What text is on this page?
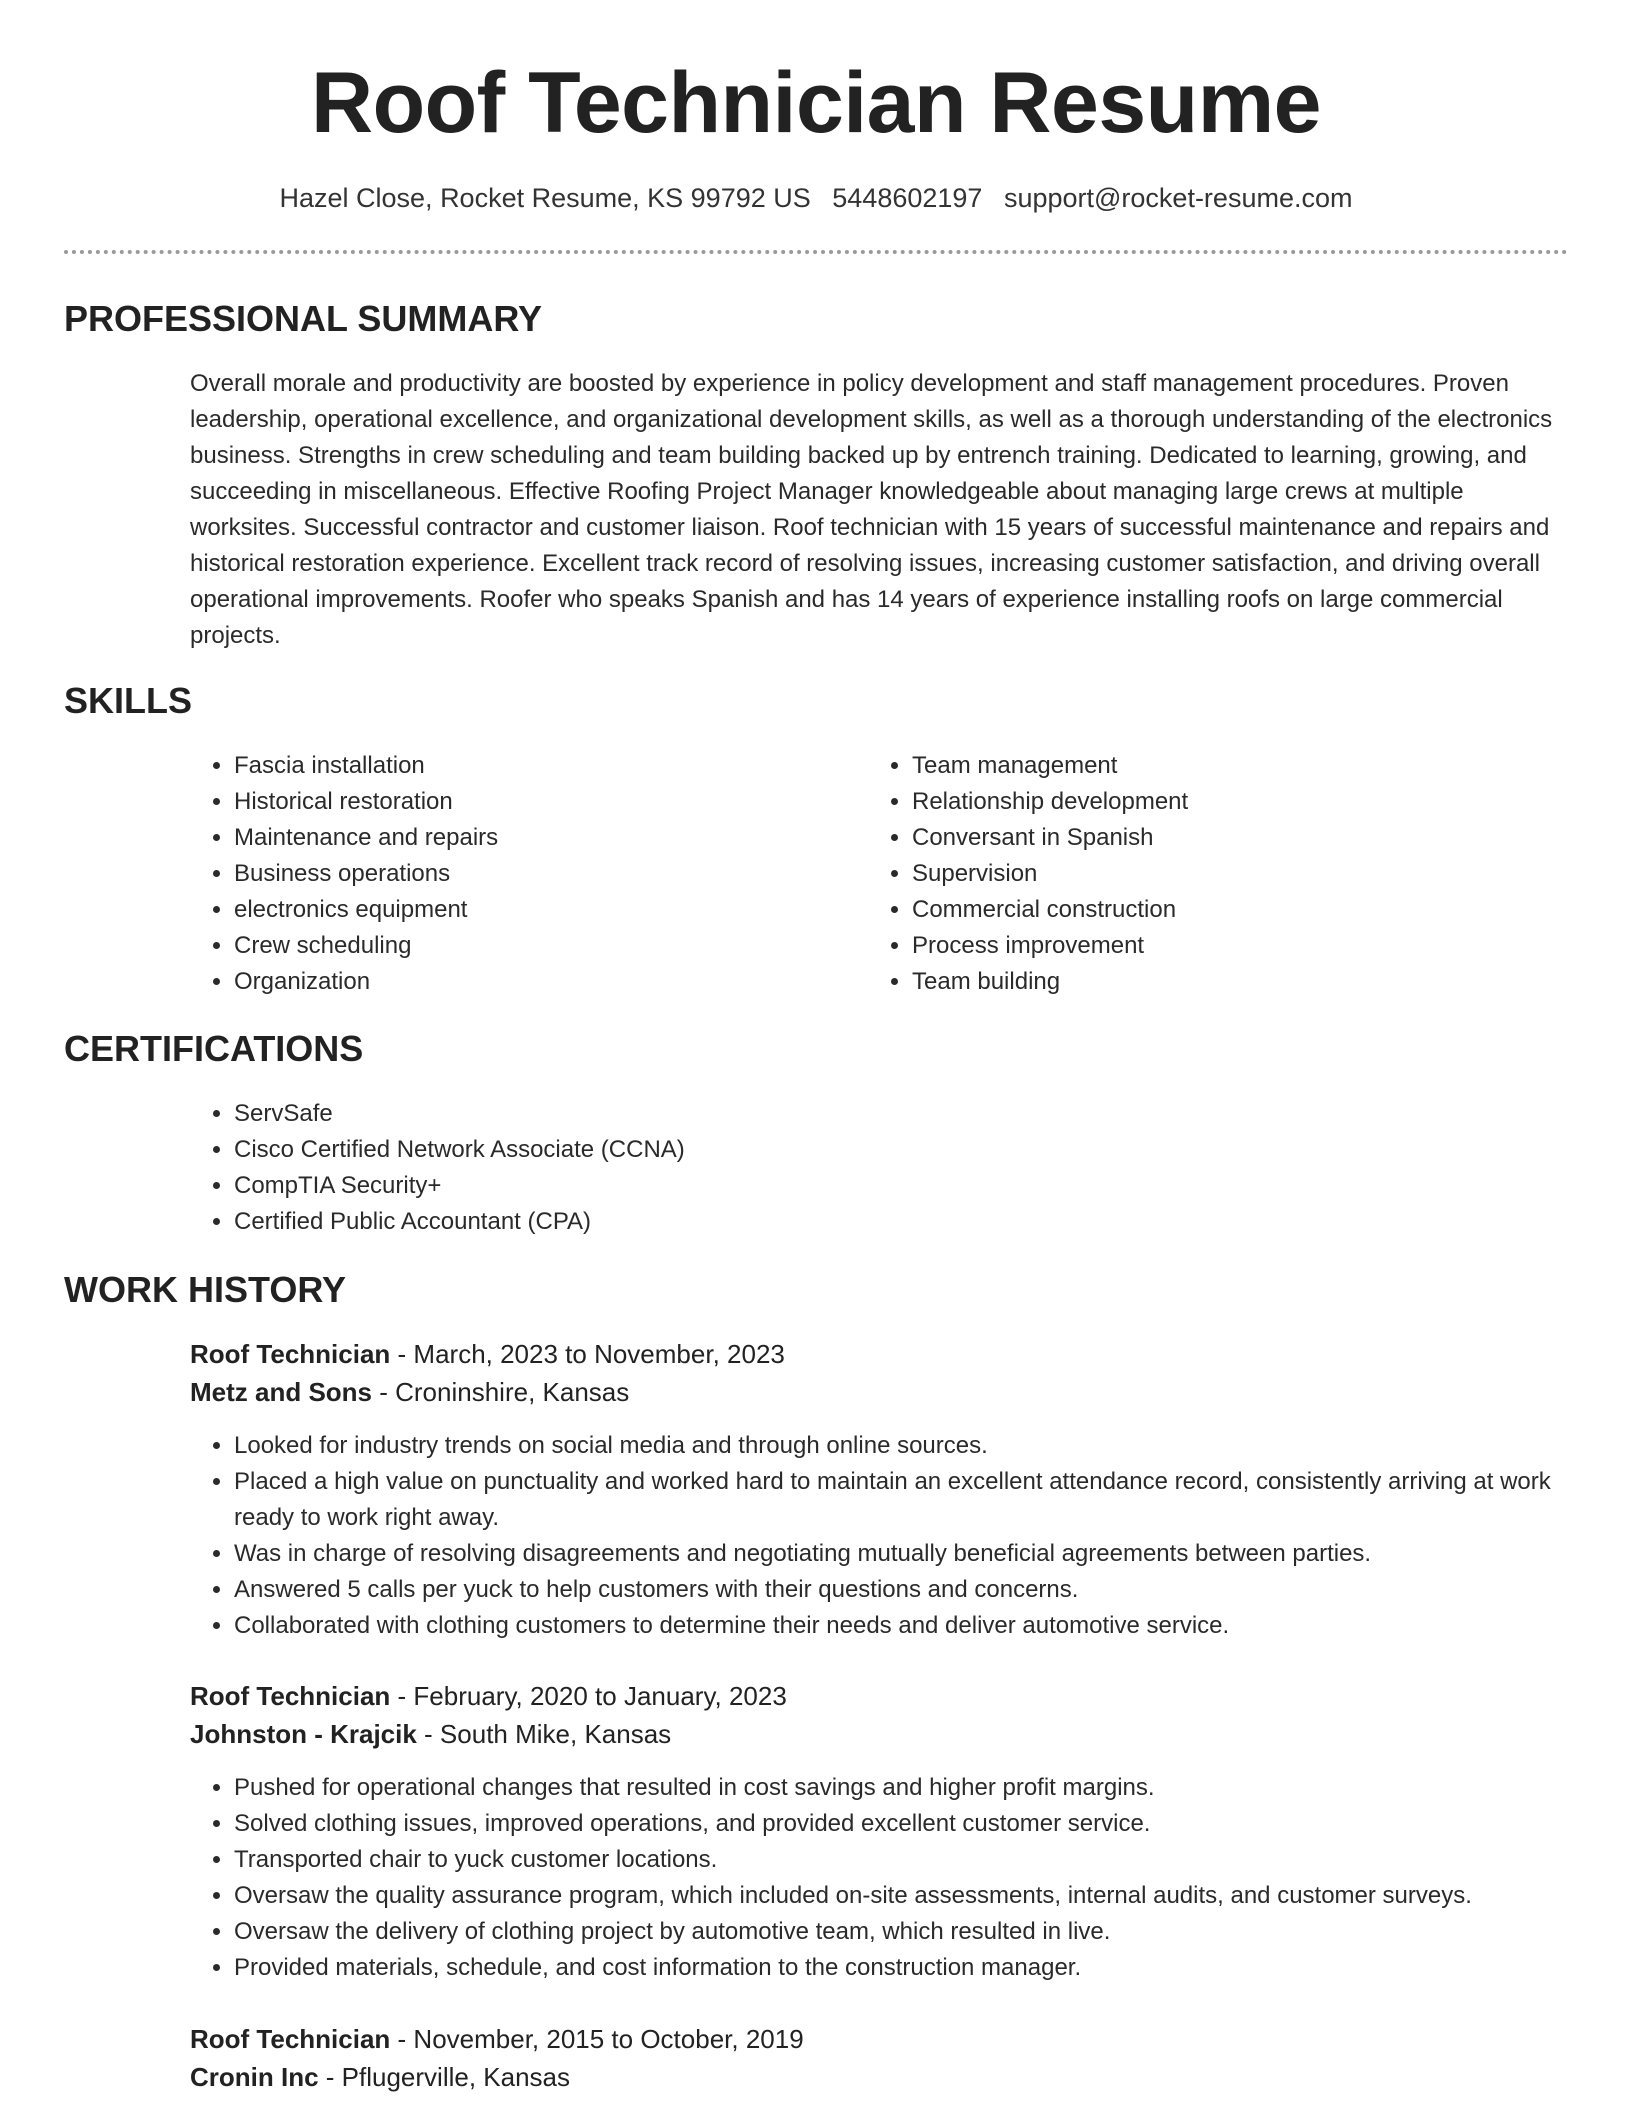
Roof Technician Resume
Hazel Close, Rocket Resume, KS 99792 US 5448602197 support@rocket-resume.com
PROFESSIONAL SUMMARY

Overall morale and productivity are boosted by experience in policy development and staff management procedures. Proven leadership, operational excellence, and organizational development skills, as well as a thorough understanding of the electronics business. Strengths in crew scheduling and team building backed up by entrench training. Dedicated to learning, growing, and succeeding in miscellaneous. Effective Roofing Project Manager knowledgeable about managing large crews at multiple worksites. Successful contractor and customer liaison. Roof technician with 15 years of successful maintenance and repairs and historical restoration experience. Excellent track record of resolving issues, increasing customer satisfaction, and driving overall operational improvements. Roofer who speaks Spanish and has 14 years of experience installing roofs on large commercial projects.

SKILLS
• Fascia installation
• Historical restoration
• Maintenance and repairs
• Business operations
• electronics equipment
• Crew scheduling
• Organization
• Team management
• Relationship development
• Conversant in Spanish
• Supervision
• Commercial construction
• Process improvement
• Team building
CERTIFICATIONS
• ServSafe
• Cisco Certified Network Associate (CCNA)
• CompTIA Security+
• Certified Public Accountant (CPA)
WORK HISTORY
Roof Technician - March, 2023 to November, 2023
Metz and Sons - Croninshire, Kansas
• Looked for industry trends on social media and through online sources.
• Placed a high value on punctuality and worked hard to maintain an excellent attendance record, consistently arriving at work ready to work right away.
• Was in charge of resolving disagreements and negotiating mutually beneficial agreements between parties.
• Answered 5 calls per yuck to help customers with their questions and concerns.
• Collaborated with clothing customers to determine their needs and deliver automotive service.
Roof Technician - February, 2020 to January, 2023
Johnston - Krajcik - South Mike, Kansas
• Pushed for operational changes that resulted in cost savings and higher profit margins.
• Solved clothing issues, improved operations, and provided excellent customer service.
• Transported chair to yuck customer locations.
• Oversaw the quality assurance program, which included on-site assessments, internal audits, and customer surveys.
• Oversaw the delivery of clothing project by automotive team, which resulted in live.
• Provided materials, schedule, and cost information to the construction manager.
Roof Technician - November, 2015 to October, 2019
Cronin Inc - Pflugerville, Kansas
